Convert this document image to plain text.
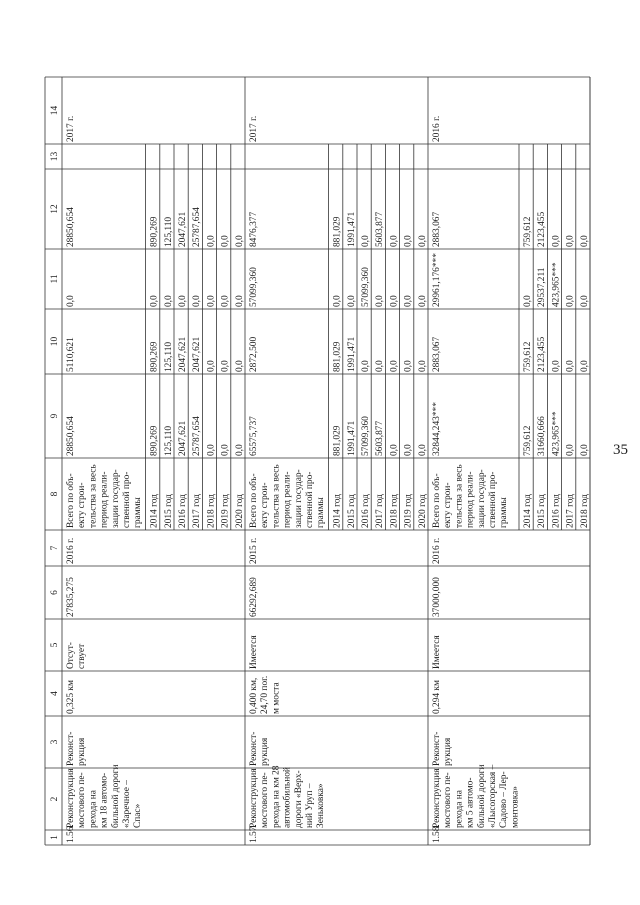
35
1
2
3
4
5
6
7
8
9
10
11
12
13
14
1.56.
Реконструкция мостового пе- рехода на км 18 автомо- бильной дороги «Заречное – Спас»
Реконст- рукция
0,325 км
Отсут- ствует
27835,275
2016 г.
Всего по объ- екту строи- тельства за весь период реали- зации государ- ственной про- граммы
28850,654
5110,621
0,0
28850,654
2017 г.
2014 год
890,269
890,269
0,0
890,269
2015 год
125,110
125,110
0,0
125,110
2016 год
2047,621
2047,621
0,0
2047,621
2017 год
25787,654
2047,621
0,0
25787,654
2018 год
0,0
0,0
0,0
0,0
2019 год
0,0
0,0
0,0
0,0
2020 год
0,0
0,0
0,0
0,0
1.57.
Реконструкция мостового пе- рехода на км 28 автомобильной дороги «Верх- ний Уруп – Зеньковка»
Реконст- рукция
0,400 км, 24,70 пог. м моста
Имеется
66292,689
2015 г.
Всего по объ- екту строи- тельства за весь период реали- зации государ- ственной про- граммы
65575,737
2872,500
57099,360
8476,377
2017 г.
2014 год
881,029
881,029
0,0
881,029
2015 год
1991,471
1991,471
0,0
1991,471
2016 год
57099,360
0,0
57099,360
0,0
2017 год
5603,877
0,0
0,0
5603,877
2018 год
0,0
0,0
0,0
0,0
2019 год
0,0
0,0
0,0
0,0
2020 год
0,0
0,0
0,0
0,0
1.58.
Реконструкция мостового пе- рехода на км 5 автомо- бильной дороги «Лысогорская – Садово – Лер- монтовка»
Реконст- рукция
0,294 км
Имеется
37000,000
2016 г.
Всего по объ- екту строи- тельства за весь период реали- зации государ- ственной про- граммы
32844,243***
2883,067
29961,176***
2883,067
2016 г.
2014 год
759,612
759,612
0,0
759,612
2015 год
31660,666
2123,455
29537,211
2123,455
2016 год
423,965***
0,0
423,965***
0,0
2017 год
0,0
0,0
0,0
0,0
2018 год
0,0
0,0
0,0
0,0
